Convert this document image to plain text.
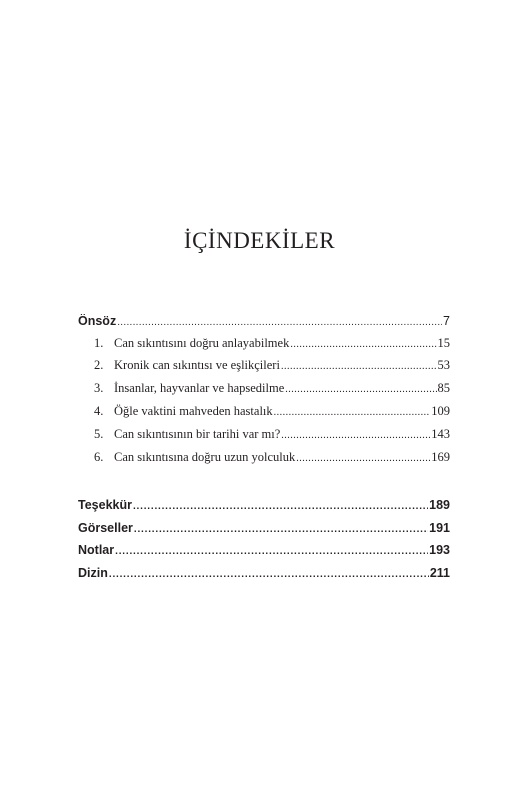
İÇİNDEKİLER
Önsöz .....	7
1. Can sıkıntısını doğru anlayabilmek .....	15
2. Kronik can sıkıntısı ve eşlikçileri .....	53
3. İnsanlar, hayvanlar ve hapsedilme .....	85
4. Öğle vaktini mahveden hastalık .....	109
5. Can sıkıntısının bir tarihi var mı? .....	143
6. Can sıkıntısına doğru uzun yolculuk .....	169
Teşekkür .....	189
Görseller .....	191
Notlar .....	193
Dizin .....	211
